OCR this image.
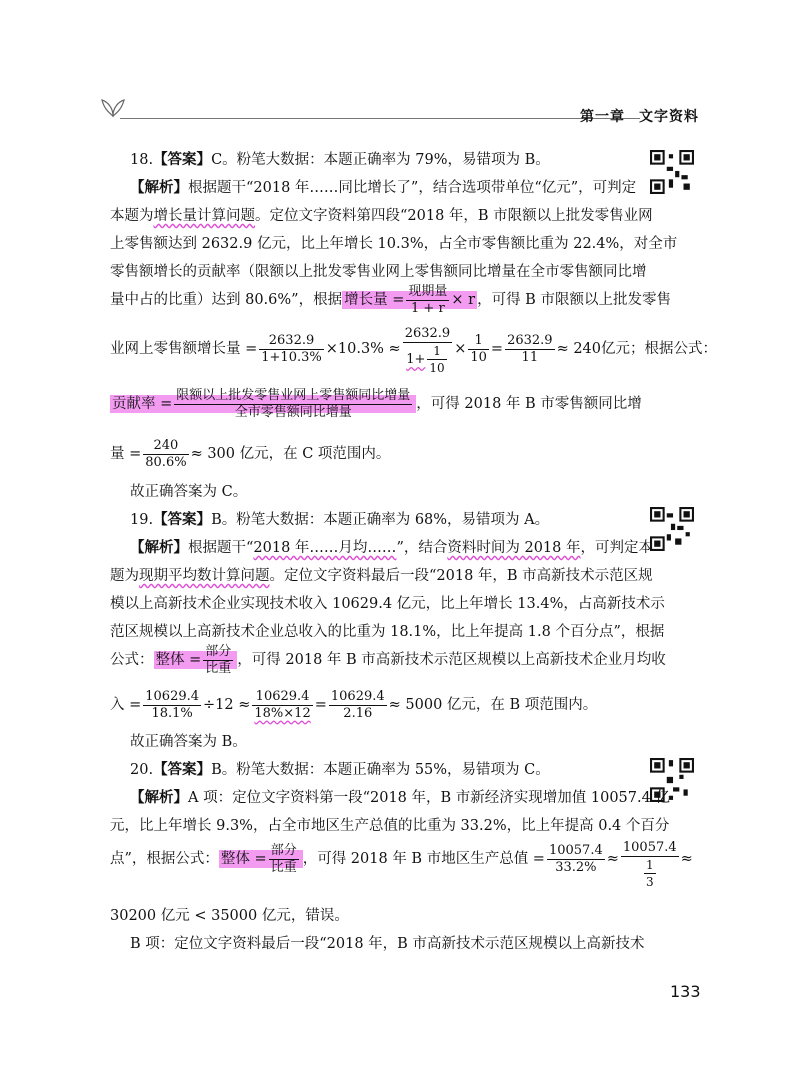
第一章 文字资料
18.【答案】C。粉笔大数据：本题正确率为 79%，易错项为 B。
【解析】根据题干“2018 年……同比增长了”，结合选项带单位“亿元”，可判定
本题为增长量计算问题。定位文字资料第四段“2018 年，B 市限额以上批发零售业网
上零售额达到 2632.9 亿元，比上年增长 10.3%，占全市零售额比重为 22.4%，对全市
零售额增长的贡献率（限额以上批发零售业网上零售额同比增量在全市零售额同比增
量中占的比重）达到 80.6%”，根据 增长量 = $\frac{\text{现期量}}{1 + r} \times r$ ，可得 B 市限额以上批发零售
业网上零售额增长量 = $\frac{2632.9}{1+10.3\%} \times 10.3\% \approx \frac{2632.9}{1+ \frac{1}{10}} \times \frac{1}{10} = \frac{2632.9}{11} \approx 240$亿元；根据公式：
贡献率 = $\frac{\text{限额以上批发零售业网上零售额同比增量}}{\text{全市零售额同比增量}}$ ，可得 2018 年 B 市零售额同比增
量 = $\frac{240}{80.6\%} \approx 300$ 亿元，在 C 项范围内。
故正确答案为 C。
19.【答案】B。粉笔大数据：本题正确率为 68%，易错项为 A。
【解析】根据题干“2018 年……月均……”，结合资料时间为 2018 年，可判定本
题为现期平均数计算问题。定位文字资料最后一段“2018 年，B 市高新技术示范区规
模以上高新技术企业实现技术收入 10629.4 亿元，比上年增长 13.4%，占高新技术示
范区规模以上高新技术企业总收入的比重为 18.1%，比上年提高 1.8 个百分点”，根据
公式： 整体 = $\frac{\text{部分}}{\text{比重}}$ ，可得 2018 年 B 市高新技术示范区规模以上高新技术企业月均收
入 = $\frac{10629.4}{18.1\%} \div 12 \approx \frac{10629.4}{18\%\times 12} = \frac{10629.4}{2.16} \approx 5000$ 亿元，在 B 项范围内。
故正确答案为 B。
20.【答案】B。粉笔大数据：本题正确率为 55%，易错项为 C。
【解析】A 项：定位文字资料第一段“2018 年，B 市新经济实现增加值 10057.4 亿
元，比上年增长 9.3%，占全市地区生产总值的比重为 33.2%，比上年提高 0.4 个百分
点”，根据公式： 整体 = $\frac{\text{部分}}{\text{比重}}$ ，可得 2018 年 B 市地区生产总值 = $\frac{10057.4}{33.2\%} \approx \frac{10057.4}{\frac{1}{3}}$ ≈
30200 亿元 < 35000 亿元，错误。
B 项：定位文字资料最后一段“2018 年，B 市高新技术示范区规模以上高新技术
133
